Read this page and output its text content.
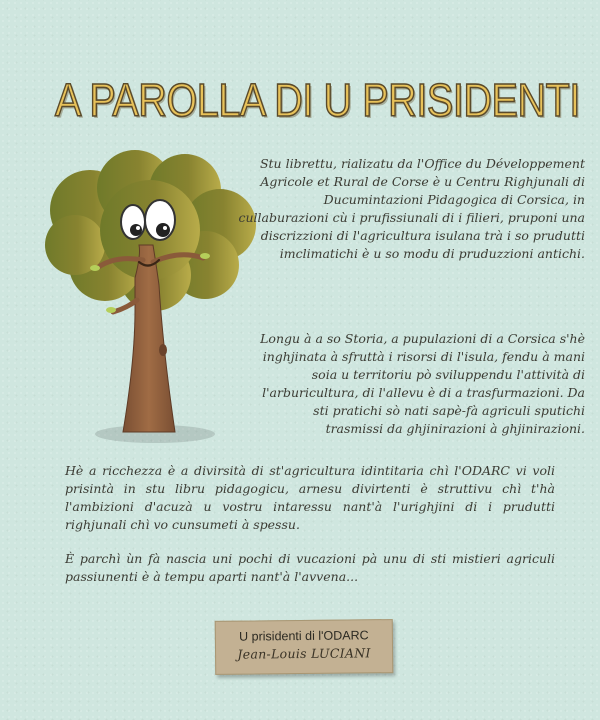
A PAROLLA DI U PRISIDENTI

Stu librettu, rializatu da l'Office du Développement Agricole et Rural de Corse è u Centru Righjunali di Ducumintazioni Pidagogica di Corsica, in cullaburazioni cù i prufissiunali di i filieri, pruponi una discrizzioni di l'agricultura isulana trà i so prudutti imclimatichi è u so modu di pruduzzioni antichi.

Longu à a so Storia, a pupulazioni di a Corsica s'hè inghjinata à sfruttà i risorsi di l'isula, fendu à mani soia u territoriu pò sviluppendu l'attività di l'arburicultura, di l'allevu è di a trasfurmazioni. Da sti pratichi sò nati sapè-fà agriculi sputichi trasmissi da ghjinirazioni à ghjinirazioni.

Hè a ricchezza è a divirsità di st'agricultura idintitaria chì l'ODARC vi voli prisintà in stu libru pidagogicu, arnesu divirtenti è struttivu chì t'hà l'ambizioni d'acuzà u vostru intaressu nant'à l'urighjini di i prudutti righjunali chì vo cunsumeti à spessu.

È parchì ùn fà nascia uni pochi di vucazioni pà unu di sti mistieri agriculi passiunenti è à tempu aparti nant'à l'avvena...

U prisidenti di l'ODARC
Jean-Louis LUCIANI
